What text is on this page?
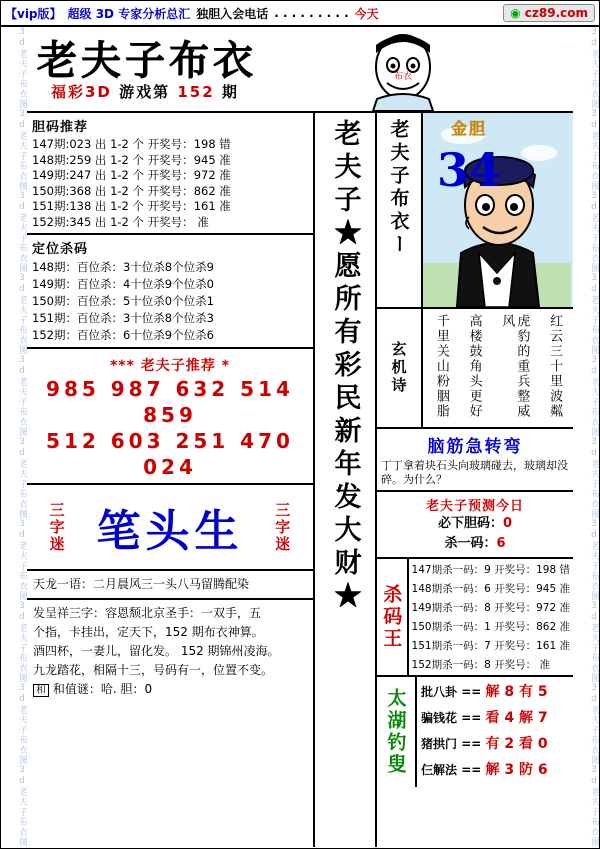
【vip版】 超级 3D 专家分析总汇 独胆入会电话 . . . . . . . . . 今天	◉ cz89.com
3d老夫子布衣图3d老夫子布衣图3d老夫子布衣图3d老夫子布衣图3d老夫子布衣图3d老夫子布衣图3d老夫子布衣图3d老夫子布衣图3d老夫子布衣图3d老夫子布衣图	3d老夫子布衣图3d老夫子布衣图3d老夫子布衣图3d老夫子布衣图3d老夫子布衣图3d老夫子布衣图3d老夫子布衣图3d老夫子布衣图3d老夫子布衣图3d老夫子布衣图
老夫子布衣
福彩3D 游戏第 152 期
布衣
胆码推荐
147期:023 出 1-2 个 开奖号：198 错
148期:259 出 1-2 个 开奖号：945 准
149期:247 出 1-2 个 开奖号：972 准
150期:368 出 1-2 个 开奖号：862 准
151期:138 出 1-2 个 开奖号：161 准
152期:345 出 1-2 个 开奖号： 准
定位杀码
148期：百位杀：3十位杀8个位杀9
149期：百位杀：4十位杀9个位杀0
150期：百位杀：5十位杀0个位杀1
151期：百位杀：3十位杀8个位杀3
152期：百位杀：6十位杀9个位杀6
*** 老夫子推荐 *
985 987 632 514 859
512 603 251 470 024
三字迷 笔头生 三字迷
天龙一语：二月晨风三一头八马留腾配染
发呈祥三字：容恩颓北京圣手：一双手，五
个指，卡挂出，定天下，152 期布衣神算。
酒四杯，一妻儿，留化发。 152 期锦州凌海。
九龙踏花，相隔十三，号码有一，位置不变。
和 和值谜：哈. 胆：0
老夫子★愿所有彩民新年发大财★ 老夫子布衣ー	金胆
34
玄机诗	红云三十里波粼
虎豹的重兵整威风
高楼鼓角头更好
千里关山粉胭脂
脑筋急转弯
丁丁拿着块石头向玻璃碰去，玻璃却没碎。为什么？
老夫子预测今日
必下胆码：0
杀一码：6
杀码王
147期杀一码：9 开奖号：198 错
148期杀一码：6 开奖号：945 准
149期杀一码：8 开奖号：972 准
150期杀一码：1 开奖号：862 准
151期杀一码：7 开奖号：161 准
152期杀一码：8 开奖号： 准
太湖钓叟 批八卦 == 解 8 有 5
骗钱花 == 看 4 解 7
猪拱门 == 有 2 看 0
仨解法 == 解 3 防 6
